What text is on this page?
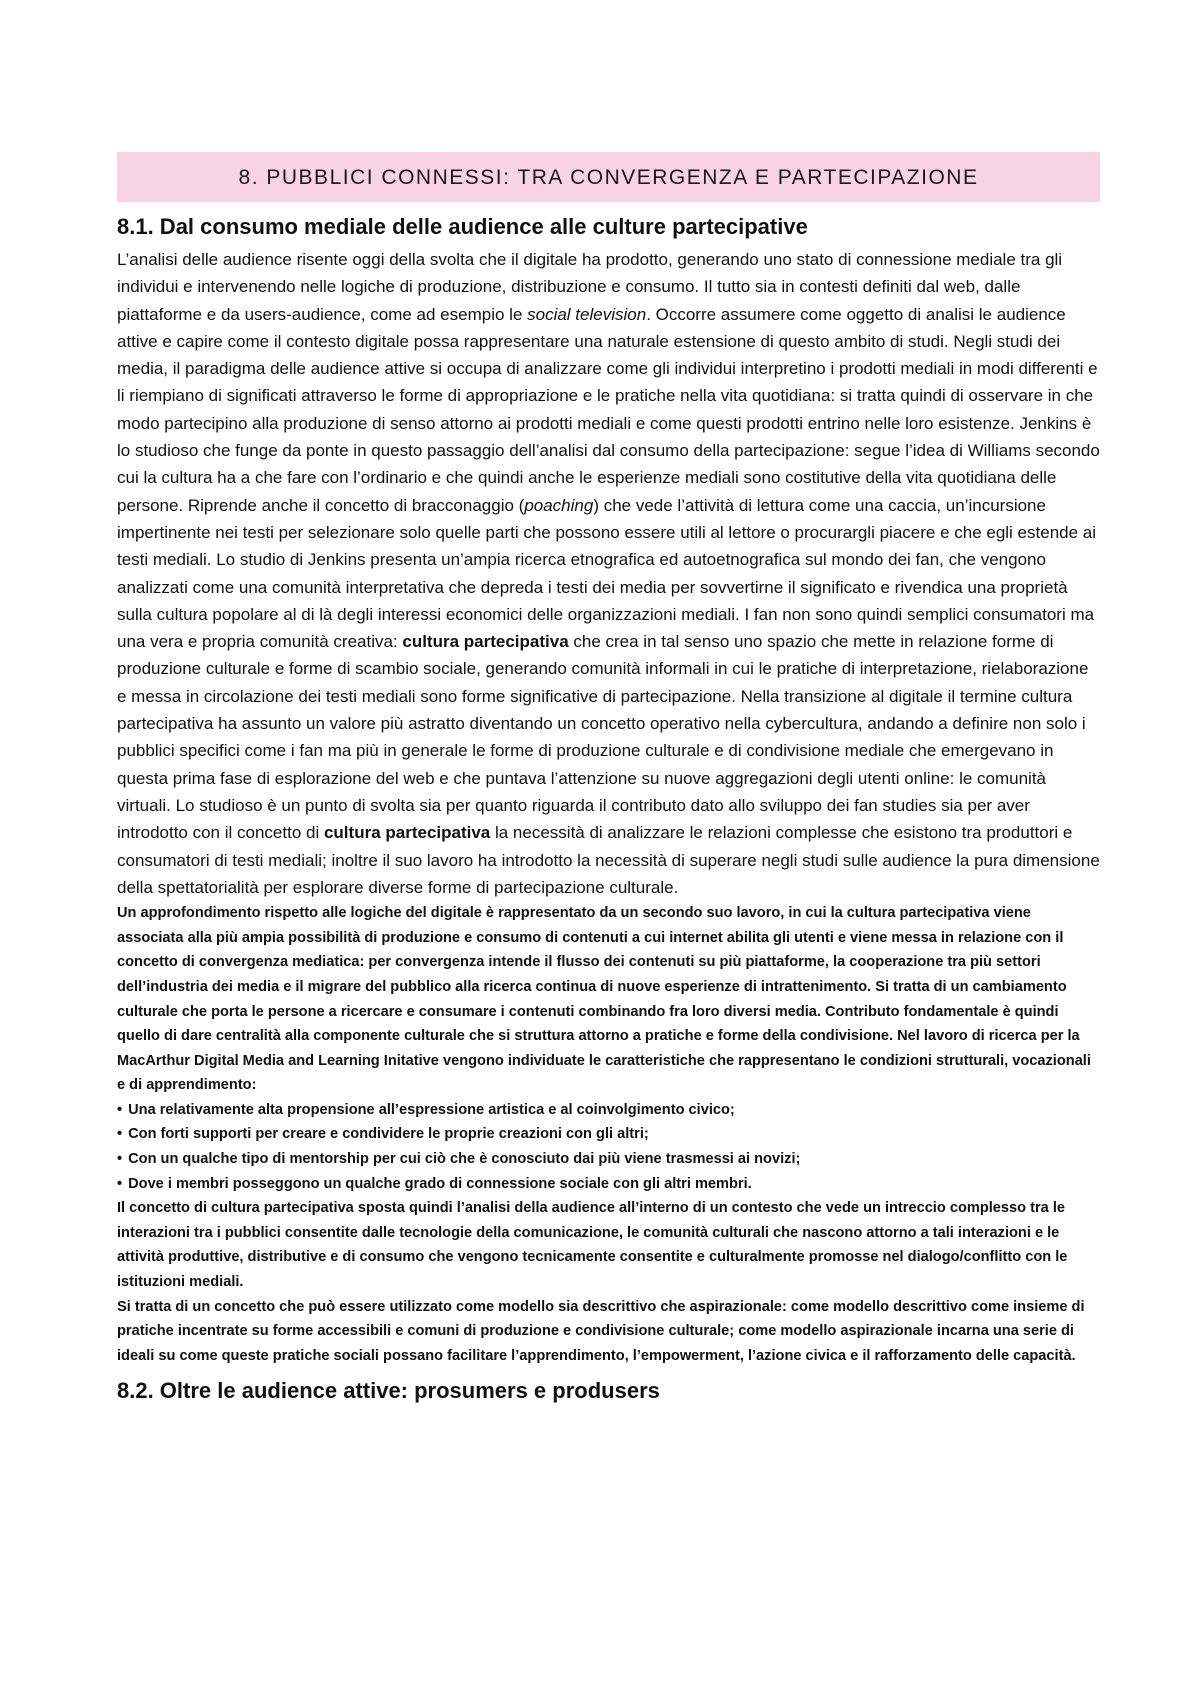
8. PUBBLICI CONNESSI: TRA CONVERGENZA E PARTECIPAZIONE
8.1. Dal consumo mediale delle audience alle culture partecipative

L’analisi delle audience risente oggi della svolta che il digitale ha prodotto, generando uno stato di connessione mediale tra gli individui e intervenendo nelle logiche di produzione, distribuzione e consumo. Il tutto sia in contesti definiti dal web, dalle piattaforme e da users-audience, come ad esempio le social television. Occorre assumere come oggetto di analisi le audience attive e capire come il contesto digitale possa rappresentare una naturale estensione di questo ambito di studi. Negli studi dei media, il paradigma delle audience attive si occupa di analizzare come gli individui interpretino i prodotti mediali in modi differenti e li riempiano di significati attraverso le forme di appropriazione e le pratiche nella vita quotidiana: si tratta quindi di osservare in che modo partecipino alla produzione di senso attorno ai prodotti mediali e come questi prodotti entrino nelle loro esistenze. Jenkins è lo studioso che funge da ponte in questo passaggio dell’analisi dal consumo della partecipazione: segue l’idea di Williams secondo cui la cultura ha a che fare con l’ordinario e che quindi anche le esperienze mediali sono costitutive della vita quotidiana delle persone. Riprende anche il concetto di bracconaggio (poaching) che vede l’attività di lettura come una caccia, un’incursione impertinente nei testi per selezionare solo quelle parti che possono essere utili al lettore o procurargli piacere e che egli estende ai testi mediali. Lo studio di Jenkins presenta un’ampia ricerca etnografica ed autoetnografica sul mondo dei fan, che vengono analizzati come una comunità interpretativa che depreda i testi dei media per sovvertirne il significato e rivendica una proprietà sulla cultura popolare al di là degli interessi economici delle organizzazioni mediali. I fan non sono quindi semplici consumatori ma una vera e propria comunità creativa: cultura partecipativa che crea in tal senso uno spazio che mette in relazione forme di produzione culturale e forme di scambio sociale, generando comunità informali in cui le pratiche di interpretazione, rielaborazione e messa in circolazione dei testi mediali sono forme significative di partecipazione. Nella transizione al digitale il termine cultura partecipativa ha assunto un valore più astratto diventando un concetto operativo nella cybercultura, andando a definire non solo i pubblici specifici come i fan ma più in generale le forme di produzione culturale e di condivisione mediale che emergevano in questa prima fase di esplorazione del web e che puntava l’attenzione su nuove aggregazioni degli utenti online: le comunità virtuali. Lo studioso è un punto di svolta sia per quanto riguarda il contributo dato allo sviluppo dei fan studies sia per aver introdotto con il concetto di cultura partecipativa la necessità di analizzare le relazioni complesse che esistono tra produttori e consumatori di testi mediali; inoltre il suo lavoro ha introdotto la necessità di superare negli studi sulle audience la pura dimensione della spettatorialità per esplorare diverse forme di partecipazione culturale.

Un approfondimento rispetto alle logiche del digitale è rappresentato da un secondo suo lavoro, in cui la cultura partecipativa viene associata alla più ampia possibilità di produzione e consumo di contenuti a cui internet abilita gli utenti e viene messa in relazione con il concetto di convergenza mediatica: per convergenza intende il flusso dei contenuti su più piattaforme, la cooperazione tra più settori dell’industria dei media e il migrare del pubblico alla ricerca continua di nuove esperienze di intrattenimento. Si tratta di un cambiamento culturale che porta le persone a ricercare e consumare i contenuti combinando fra loro diversi media. Contributo fondamentale è quindi quello di dare centralità alla componente culturale che si struttura attorno a pratiche e forme della condivisione. Nel lavoro di ricerca per la MacArthur Digital Media and Learning Initative vengono individuate le caratteristiche che rappresentano le condizioni strutturali, vocazionali e di apprendimento:

• Una relativamente alta propensione all’espressione artistica e al coinvolgimento civico;
• Con forti supporti per creare e condividere le proprie creazioni con gli altri;
• Con un qualche tipo di mentorship per cui ciò che è conosciuto dai più viene trasmessi ai novizi;
• Dove i membri posseggono un qualche grado di connessione sociale con gli altri membri.

Il concetto di cultura partecipativa sposta quindi l’analisi della audience all’interno di un contesto che vede un intreccio complesso tra le interazioni tra i pubblici consentite dalle tecnologie della comunicazione, le comunità culturali che nascono attorno a tali interazioni e le attività produttive, distributive e di consumo che vengono tecnicamente consentite e culturalmente promosse nel dialogo/conflitto con le istituzioni mediali.

Si tratta di un concetto che può essere utilizzato come modello sia descrittivo che aspirazionale: come modello descrittivo come insieme di pratiche incentrate su forme accessibili e comuni di produzione e condivisione culturale; come modello aspirazionale incarna una serie di ideali su come queste pratiche sociali possano facilitare l’apprendimento, l’empowerment, l’azione civica e il rafforzamento delle capacità.

8.2. Oltre le audience attive: prosumers e produsers
